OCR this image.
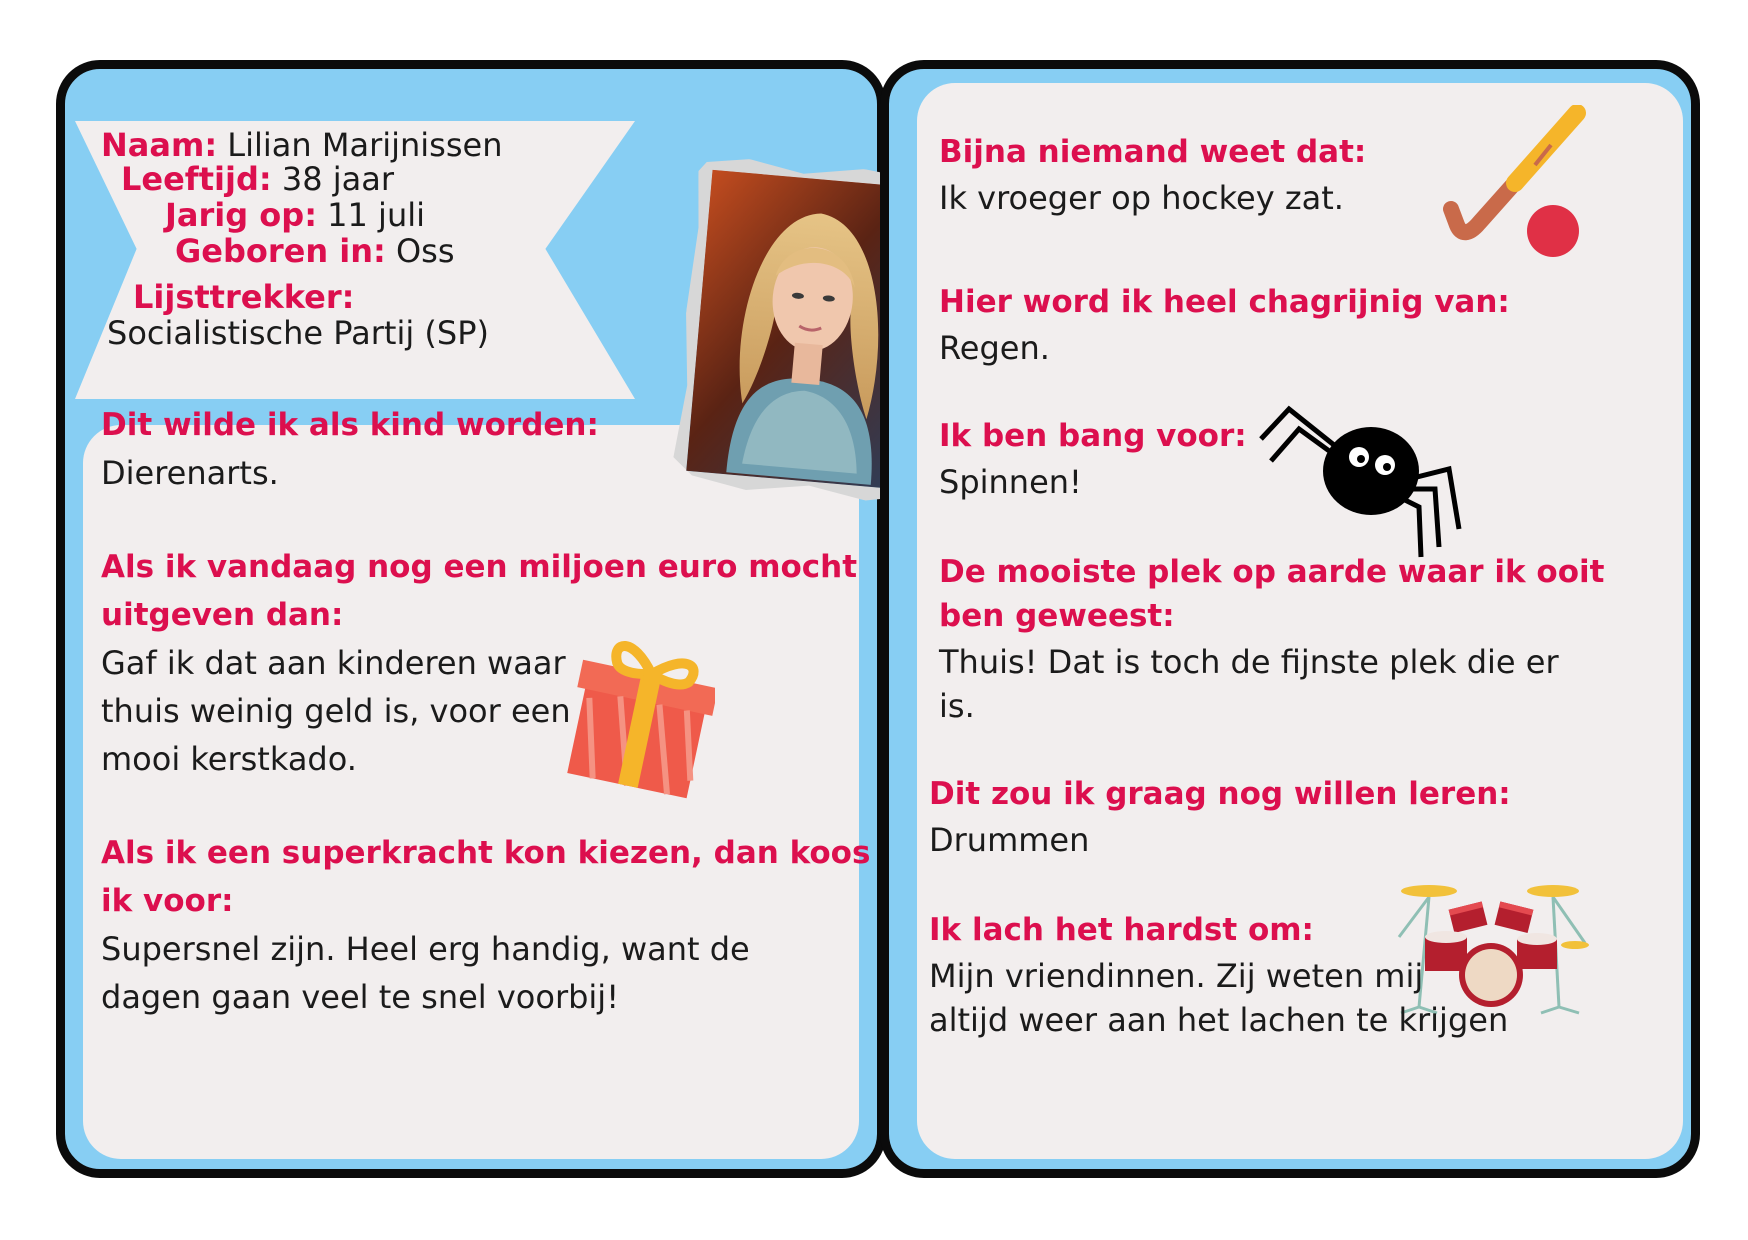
Naam: Lilian Marijnissen
Leeftijd: 38 jaar
Jarig op: 11 juli
Geboren in: Oss
Lijsttrekker:
Socialistische Partij (SP)
Dit wilde ik als kind worden:
Dierenarts.
Als ik vandaag nog een miljoen euro mocht
uitgeven dan:
Gaf ik dat aan kinderen waar
thuis weinig geld is, voor een
mooi kerstkado.
Als ik een superkracht kon kiezen, dan koos
ik voor:
Supersnel zijn. Heel erg handig, want de
dagen gaan veel te snel voorbij!
Bijna niemand weet dat:
Ik vroeger op hockey zat.
Hier word ik heel chagrijnig van:
Regen.
Ik ben bang voor:
Spinnen!
De mooiste plek op aarde waar ik ooit
ben geweest:
Thuis! Dat is toch de fijnste plek die er
is.
Dit zou ik graag nog willen leren:
Drummen
Ik lach het hardst om:
Mijn vriendinnen. Zij weten mij
altijd weer aan het lachen te krijgen
